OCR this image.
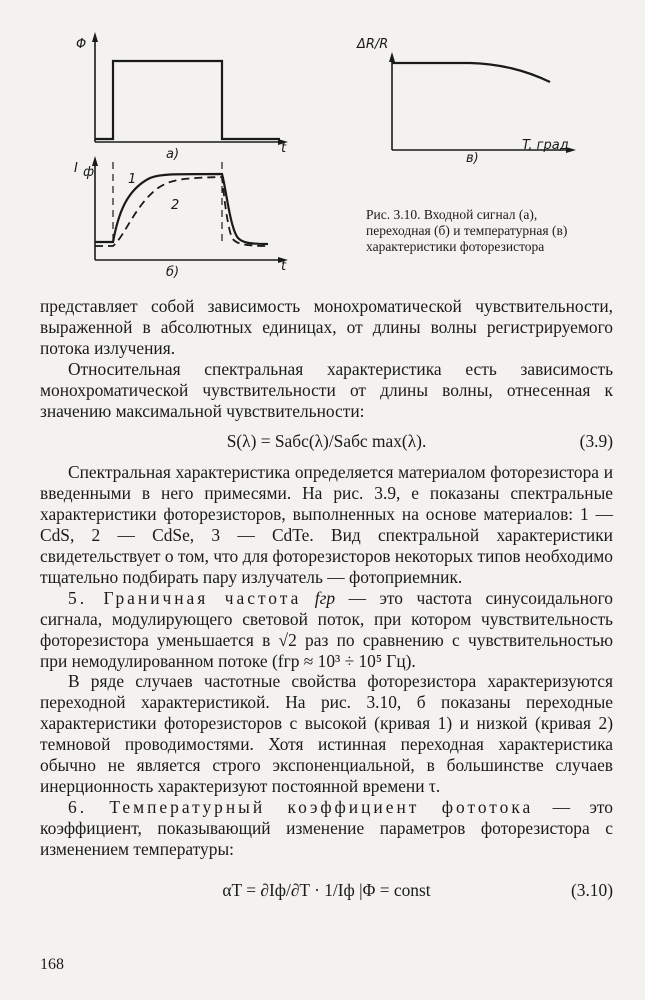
Φ
t
а)
I ф
t
б)
1
2
ΔR/R
T, град
в)

Рис. 3.10. Входной сигнал (а), переходная (б) и температурная (в) характеристики фоторезистора

представляет собой зависимость монохроматической чувствительности, выраженной в абсолютных единицах, от длины волны регистрируемого потока излучения.

Относительная спектральная характеристика есть зависимость монохроматической чувствительности от длины волны, отнесенная к значению максимальной чувствительности:

S(λ) = Sабс(λ)/Sабс max(λ).	(3.9)

Спектральная характеристика определяется материалом фоторезистора и введенными в него примесями. На рис. 3.9, е показаны спектральные характеристики фоторезисторов, выполненных на основе материалов: 1 — CdS, 2 — CdSe, 3 — CdTe. Вид спектральной характеристики свидетельствует о том, что для фоторезисторов некоторых типов необходимо тщательно подбирать пару излучатель — фотоприемник.

5. Граничная частота fгр — это частота синусоидального сигнала, модулирующего световой поток, при котором чувствительность фоторезистора уменьшается в √2 раз по сравнению с чувствительностью при немодулированном потоке (fгр ≈ 10³ ÷ 10⁵ Гц).

В ряде случаев частотные свойства фоторезистора характеризуются переходной характеристикой. На рис. 3.10, б показаны переходные характеристики фоторезисторов с высокой (кривая 1) и низкой (кривая 2) темновой проводимостями. Хотя истинная переходная характеристика обычно не является строго экспоненциальной, в большинстве случаев инерционность характеризуют постоянной времени τ.

6. Температурный коэффициент фототока — это коэффициент, показывающий изменение параметров фоторезистора с изменением температуры:

αT = ∂Iф/∂T · 1/Iф |Φ = const	(3.10)
168
